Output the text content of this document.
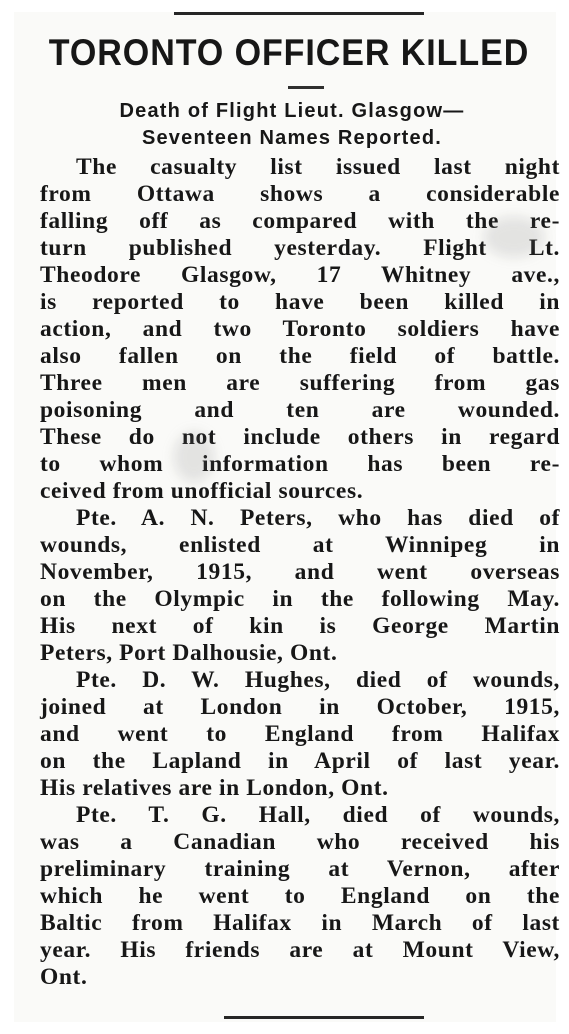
TORONTO OFFICER KILLED
Death of Flight Lieut. Glasgow—
Seventeen Names Reported.
The casualty list issued last night
from Ottawa shows a considerable
falling off as compared with the re-
turn published yesterday. Flight Lt.
Theodore Glasgow, 17 Whitney ave.,
is reported to have been killed in
action, and two Toronto soldiers have
also fallen on the field of battle.
Three men are suffering from gas
poisoning and ten are wounded.
These do not include others in regard
to whom information has been re-
ceived from unofficial sources.
Pte. A. N. Peters, who has died of
wounds, enlisted at Winnipeg in
November, 1915, and went overseas
on the Olympic in the following May.
His next of kin is George Martin
Peters, Port Dalhousie, Ont.
Pte. D. W. Hughes, died of wounds,
joined at London in October, 1915,
and went to England from Halifax
on the Lapland in April of last year.
His relatives are in London, Ont.
Pte. T. G. Hall, died of wounds,
was a Canadian who received his
preliminary training at Vernon, after
which he went to England on the
Baltic from Halifax in March of last
year. His friends are at Mount View,
Ont.
